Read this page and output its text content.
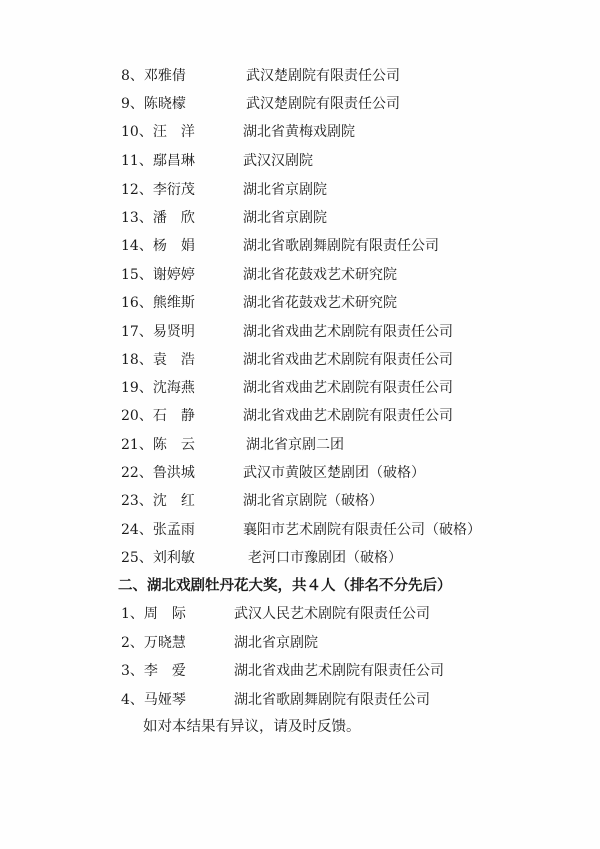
8、邓雅倩	武汉楚剧院有限责任公司
9、陈晓檬	武汉楚剧院有限责任公司
10、汪　洋	湖北省黄梅戏剧院
11、鄢昌琳	武汉汉剧院
12、李衍茂	湖北省京剧院
13、潘　欣	湖北省京剧院
14、杨　娟	湖北省歌剧舞剧院有限责任公司
15、谢婷婷	湖北省花鼓戏艺术研究院
16、熊维斯	湖北省花鼓戏艺术研究院
17、易贤明	湖北省戏曲艺术剧院有限责任公司
18、袁　浩	湖北省戏曲艺术剧院有限责任公司
19、沈海燕	湖北省戏曲艺术剧院有限责任公司
20、石　静	湖北省戏曲艺术剧院有限责任公司
21、陈　云	湖北省京剧二团
22、鲁洪城	武汉市黄陂区楚剧团（破格）
23、沈　红	湖北省京剧院（破格）
24、张孟雨	襄阳市艺术剧院有限责任公司（破格）
25、刘利敏	老河口市豫剧团（破格）
二、湖北戏剧牡丹花大奖，共４人（排名不分先后）
1、周　际	武汉人民艺术剧院有限责任公司
2、万晓慧	湖北省京剧院
3、李　爱	湖北省戏曲艺术剧院有限责任公司
4、马娅琴	湖北省歌剧舞剧院有限责任公司
如对本结果有异议，请及时反馈。
